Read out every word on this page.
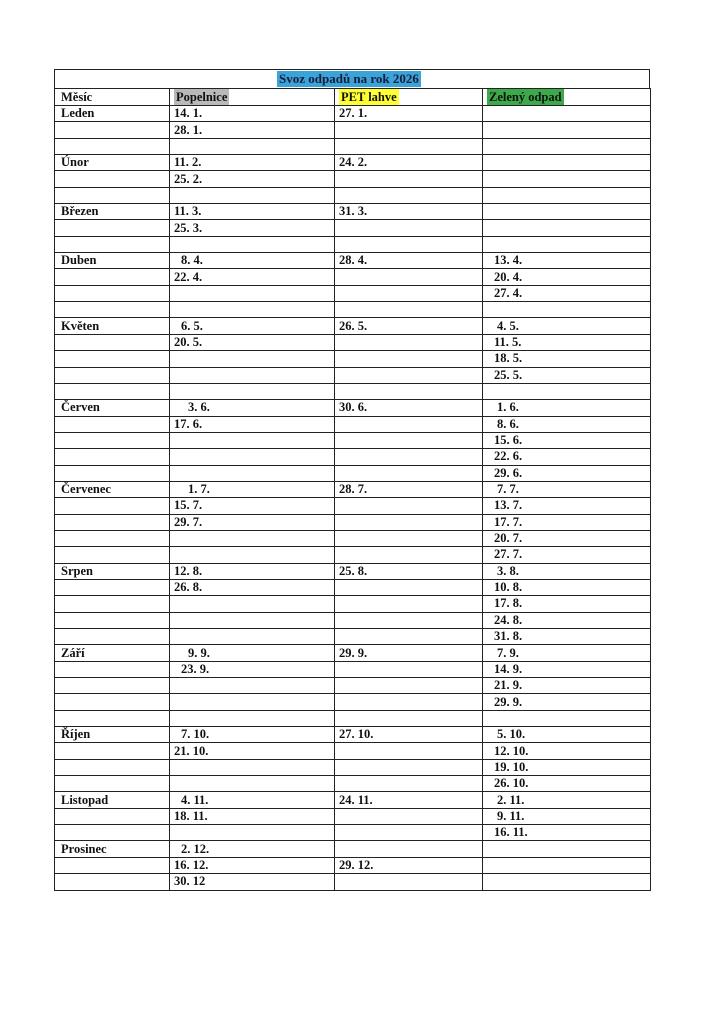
Svoz odpadů na rok 2026
Měsíc	Popelnice	PET lahve	Zelený odpad
Leden	14. 1.	27. 1.	
	28. 1.		

Únor	11. 2.	24. 2.	
	25. 2.		

Březen	11. 3.	31. 3.	
	25. 3.		

Duben	8. 4.	28. 4.	13. 4.
	22. 4.		20. 4.
			27. 4.

Květen	6. 5.	26. 5.	4. 5.
	20. 5.		11. 5.
			18. 5.
			25. 5.

Červen	3. 6.	30. 6.	1. 6.
	17. 6.		8. 6.
			15. 6.
			22. 6.
			29. 6.
Červenec	1. 7.	28. 7.	7. 7.
	15. 7.		13. 7.
	29. 7.		17. 7.
			20. 7.
			27. 7.
Srpen	12. 8.	25. 8.	3. 8.
	26. 8.		10. 8.
			17. 8.
			24. 8.
			31. 8.
Září	9. 9.	29. 9.	7. 9.
	23. 9.		14. 9.
			21. 9.
			29. 9.

Říjen	7. 10.	27. 10.	5. 10.
	21. 10.		12. 10.
			19. 10.
			26. 10.
Listopad	4. 11.	24. 11.	2. 11.
	18. 11.		9. 11.
			16. 11.
Prosinec	2. 12.		
	16. 12.	29. 12.	
	30. 12		
